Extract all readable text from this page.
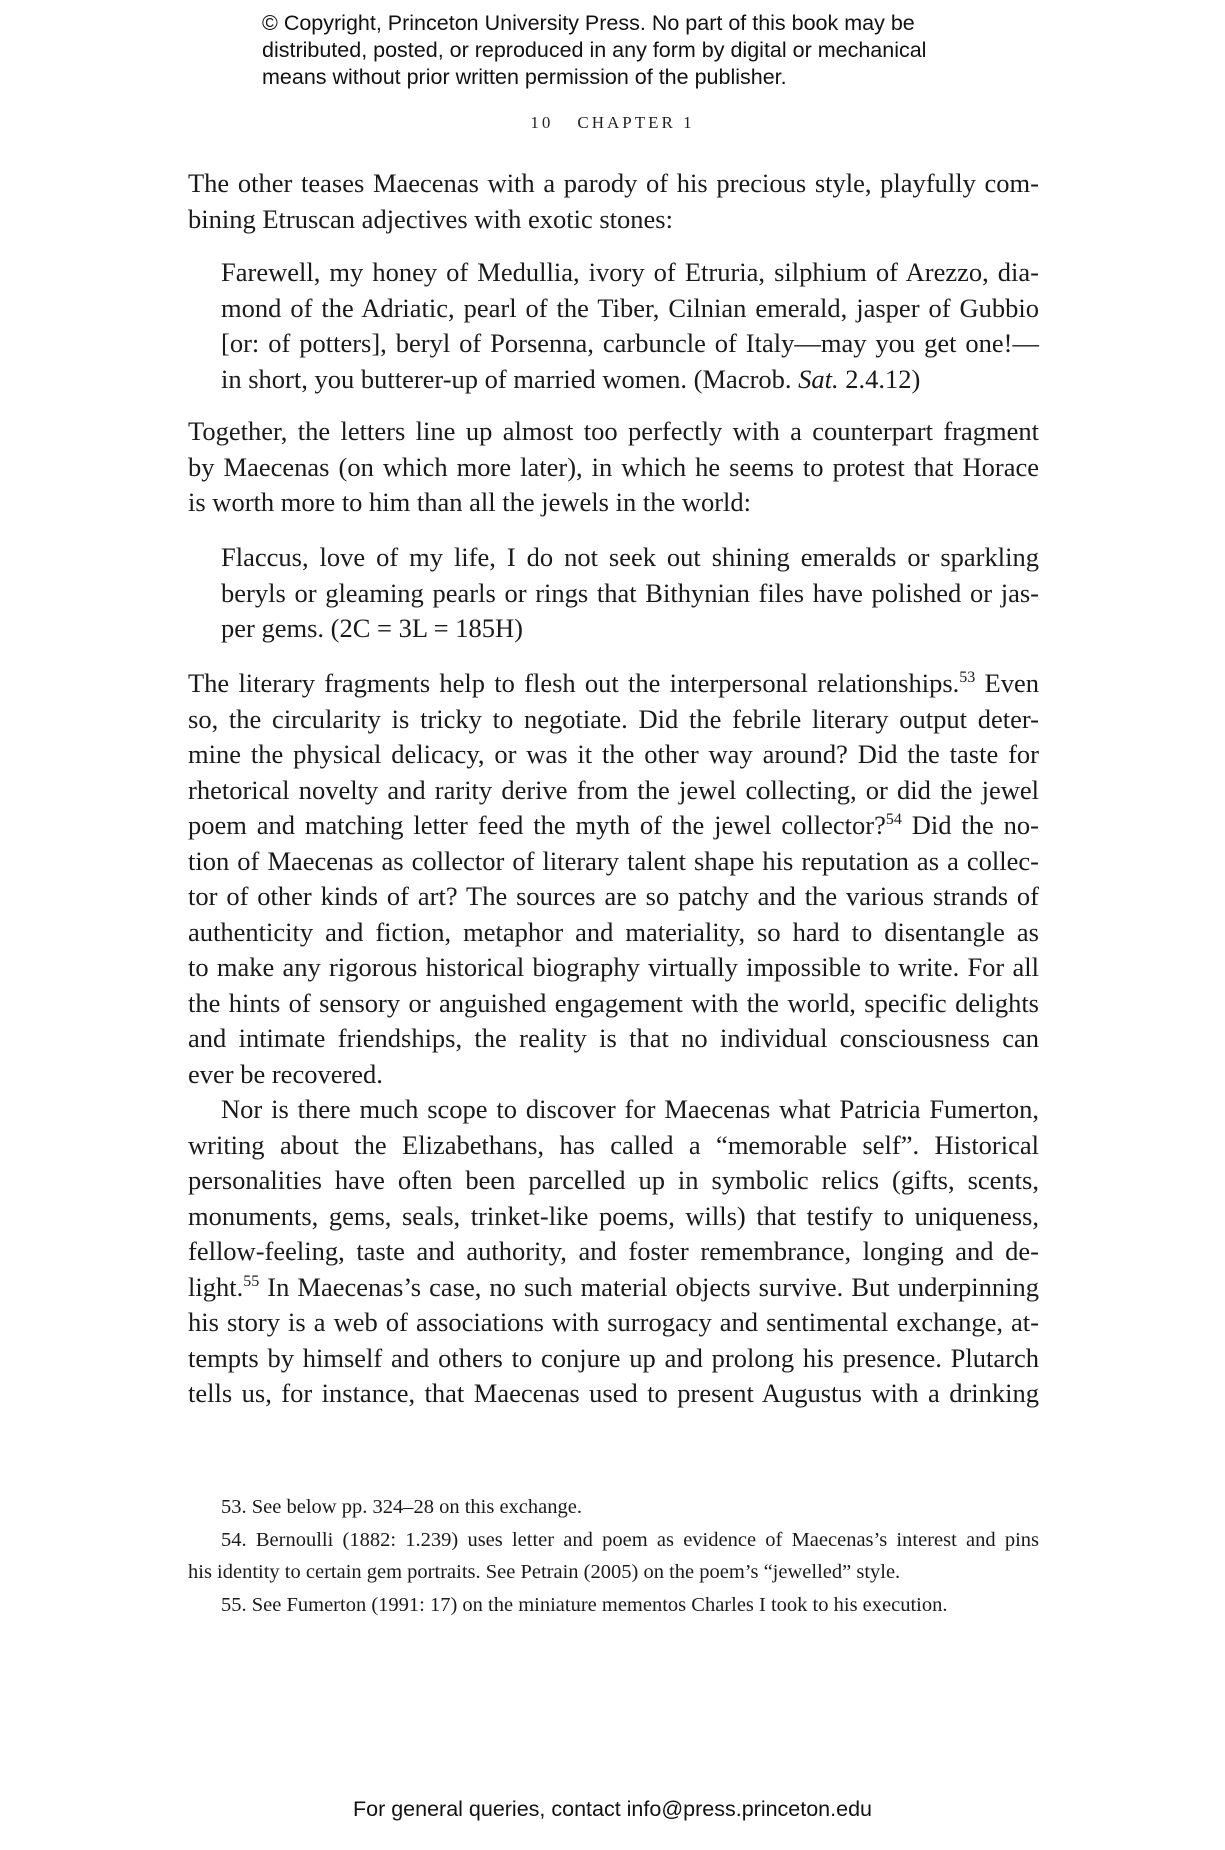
© Copyright, Princeton University Press. No part of this book may be
distributed, posted, or reproduced in any form by digital or mechanical
means without prior written permission of the publisher.
10 CHAPTER 1
The other teases Maecenas with a parody of his precious style, playfully com-
bining Etruscan adjectives with exotic stones:
Farewell, my honey of Medullia, ivory of Etruria, silphium of Arezzo, dia-
mond of the Adriatic, pearl of the Tiber, Cilnian emerald, jasper of Gubbio
[or: of potters], beryl of Porsenna, carbuncle of Italy—may you get one!—
in short, you butterer-up of married women. (Macrob. Sat. 2.4.12)
Together, the letters line up almost too perfectly with a counterpart fragment
by Maecenas (on which more later), in which he seems to protest that Horace
is worth more to him than all the jewels in the world:
Flaccus, love of my life, I do not seek out shining emeralds or sparkling
beryls or gleaming pearls or rings that Bithynian files have polished or jas-
per gems. (2C = 3L = 185H)
The literary fragments help to flesh out the interpersonal relationships.$^{53}$ Even
so, the circularity is tricky to negotiate. Did the febrile literary output deter-
mine the physical delicacy, or was it the other way around? Did the taste for
rhetorical novelty and rarity derive from the jewel collecting, or did the jewel
poem and matching letter feed the myth of the jewel collector?$^{54}$ Did the no-
tion of Maecenas as collector of literary talent shape his reputation as a collec-
tor of other kinds of art? The sources are so patchy and the various strands of
authenticity and fiction, metaphor and materiality, so hard to disentangle as
to make any rigorous historical biography virtually impossible to write. For all
the hints of sensory or anguished engagement with the world, specific delights
and intimate friendships, the reality is that no individual consciousness can
ever be recovered.
Nor is there much scope to discover for Maecenas what Patricia Fumerton,
writing about the Elizabethans, has called a “memorable self”. Historical
personalities have often been parcelled up in symbolic relics (gifts, scents,
monuments, gems, seals, trinket-like poems, wills) that testify to uniqueness,
fellow-feeling, taste and authority, and foster remembrance, longing and de-
light.$^{55}$ In Maecenas’s case, no such material objects survive. But underpinning
his story is a web of associations with surrogacy and sentimental exchange, at-
tempts by himself and others to conjure up and prolong his presence. Plutarch
tells us, for instance, that Maecenas used to present Augustus with a drinking
53. See below pp. 324–28 on this exchange.
54. Bernoulli (1882: 1.239) uses letter and poem as evidence of Maecenas’s interest and pins
his identity to certain gem portraits. See Petrain (2005) on the poem’s “jewelled” style.
55. See Fumerton (1991: 17) on the miniature mementos Charles I took to his execution.
For general queries, contact info@press.princeton.edu
